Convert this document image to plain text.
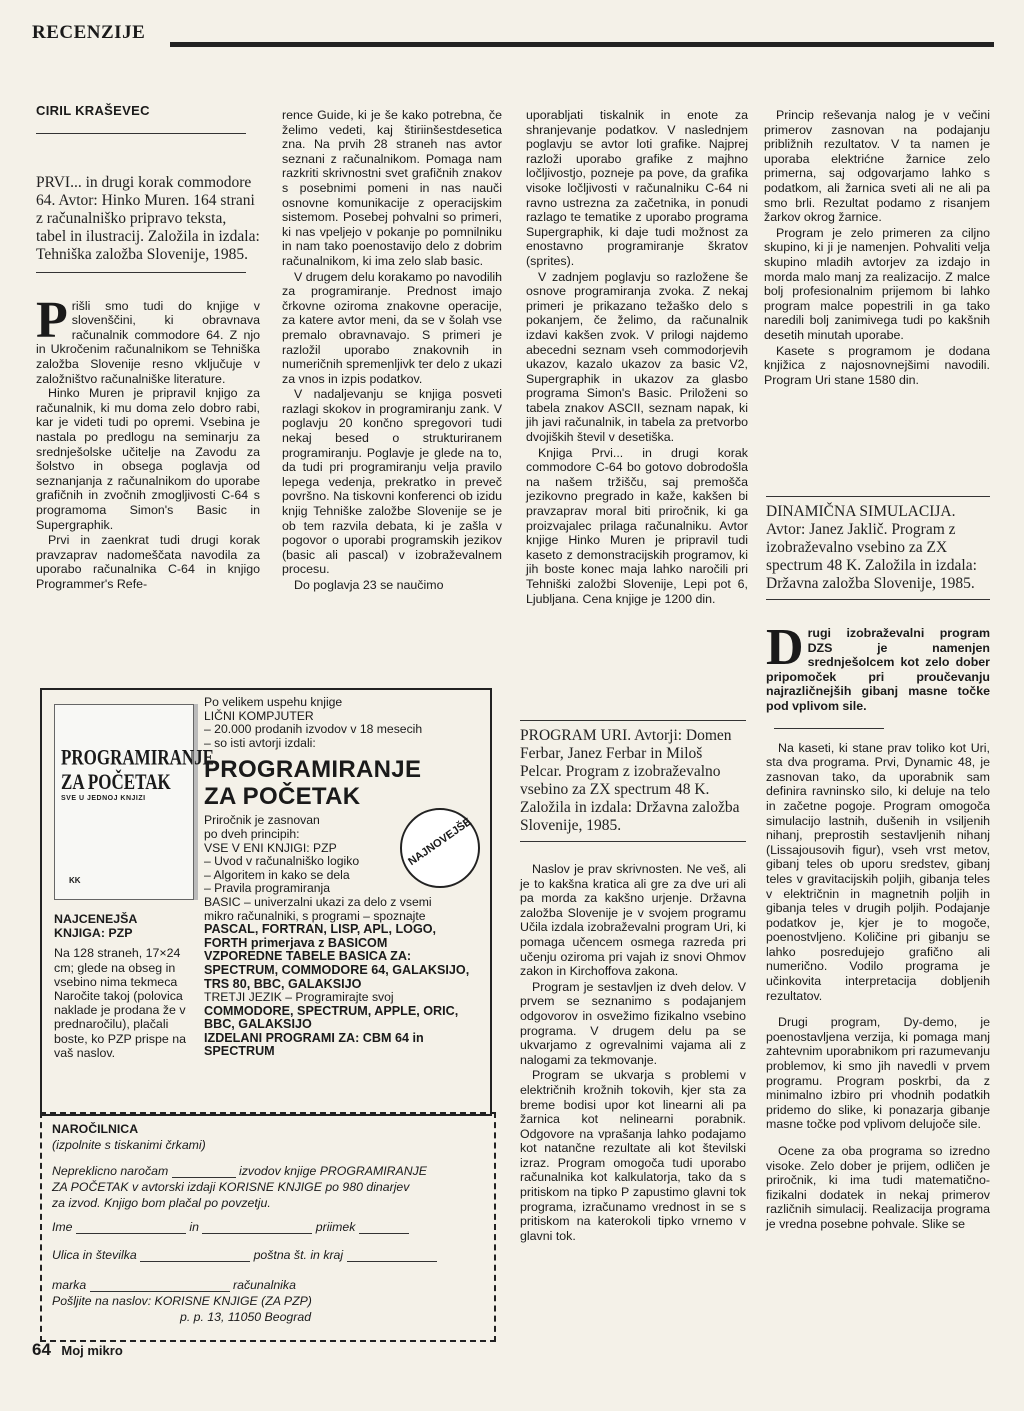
RECENZIJE
CIRIL KRAŠEVEC
PRVI... in drugi korak commodore 64. Avtor: Hinko Muren. 164 strani z računalniško pripravo teksta, tabel in ilustracij. Založila in izdala: Tehniška založba Slovenije, 1985.
P rišli smo tudi do knjige v slovenščini, ki obravnava računalnik commodore 64. Z njo in Ukročenim računalnikom se Tehniška založba Slovenije resno vključuje v založništvo računalniške literature.

Hinko Muren je pripravil knjigo za računalnik, ki mu doma zelo dobro rabi, kar je videti tudi po opremi. Vsebina je nastala po predlogu na seminarju za srednješolske učitelje na Zavodu za šolstvo in obsega poglavja od seznanjanja z računalnikom do uporabe grafičnih in zvočnih zmogljivosti C-64 s programoma Simon's Basic in Supergraphik.

Prvi in zaenkrat tudi drugi korak pravzaprav nadomeščata navodila za uporabo računalnika C-64 in knjigo Programmer's Refe-

rence Guide, ki je še kako potrebna, če želimo vedeti, kaj štiriinšestdesetica zna. Na prvih 28 straneh nas avtor seznani z računalnikom. Pomaga nam razkriti skrivnostni svet grafičnih znakov s posebnimi pomeni in nas nauči osnovne komunikacije z operacijskim sistemom. Posebej pohvalni so primeri, ki nas vpeljejo v pokanje po pomnilniku in nam tako poenostavijo delo z dobrim računalnikom, ki ima zelo slab basic.

V drugem delu korakamo po navodilih za programiranje. Prednost imajo črkovne oziroma znakovne operacije, za katere avtor meni, da se v šolah vse premalo obravnavajo. S primeri je razložil uporabo znakovnih in numeričnih spremenljivk ter delo z ukazi za vnos in izpis podatkov.

V nadaljevanju se knjiga posveti razlagi skokov in programiranju zank. V poglavju 20 končno spregovori tudi nekaj besed o strukturiranem programiranju. Poglavje je glede na to, da tudi pri programiranju velja pravilo lepega vedenja, prekratko in preveč površno. Na tiskovni konferenci ob izidu knjig Tehniške založbe Slovenije se je ob tem razvila debata, ki je zašla v pogovor o uporabi programskih jezikov (basic ali pascal) v izobraževalnem procesu.

Do poglavja 23 se naučimo

uporabljati tiskalnik in enote za shranjevanje podatkov. V naslednjem poglavju se avtor loti grafike. Najprej razloži uporabo grafike z majhno ločljivostjo, pozneje pa pove, da grafika visoke ločljivosti v računalniku C-64 ni ravno ustrezna za začetnika, in ponudi razlago te tematike z uporabo programa Supergraphik, ki daje tudi možnost za enostavno programiranje škratov (sprites).

V zadnjem poglavju so razložene še osnove programiranja zvoka. Z nekaj primeri je prikazano težaško delo s pokanjem, če želimo, da računalnik izdavi kakšen zvok. V prilogi najdemo abecedni seznam vseh commodorjevih ukazov, kazalo ukazov za basic V2, Supergraphik in ukazov za glasbo programa Simon's Basic. Priloženi so tabela znakov ASCII, seznam napak, ki jih javi računalnik, in tabela za pretvorbo dvojiških števil v desetiška.

Knjiga Prvi... in drugi korak commodore C-64 bo gotovo dobrodošla na našem tržišču, saj premošča jezikovno pregrado in kaže, kakšen bi pravzaprav moral biti priročnik, ki ga proizvajalec prilaga računalniku. Avtor knjige Hinko Muren je pripravil tudi kaseto z demonstracijskih programov, ki jih boste konec maja lahko naročili pri Tehniški založbi Slovenije, Lepi pot 6, Ljubljana. Cena knjige je 1200 din.

PROGRAM URI. Avtorji: Domen Ferbar, Janez Ferbar in Miloš Pelcar. Program z izobraževalno vsebino za ZX spectrum 48 K. Založila in izdala: Državna založba Slovenije, 1985.

Naslov je prav skrivnosten. Ne veš, ali je to kakšna kratica ali gre za dve uri ali pa morda za kakšno urjenje. Državna založba Slovenije je v svojem programu Učila izdala izobraževalni program Uri, ki pomaga učencem osmega razreda pri učenju oziroma pri vajah iz snovi Ohmov zakon in Kirchoffova zakona.

Program je sestavljen iz dveh delov. V prvem se seznanimo s podajanjem odgovorov in osvežimo fizikalno vsebino programa. V drugem delu pa se ukvarjamo z ogrevalnimi vajama ali z nalogami za tekmovanje.

Program se ukvarja s problemi v električnih krožnih tokovih, kjer sta za breme bodisi upor kot linearni ali pa žarnica kot nelinearni porabnik. Odgovore na vprašanja lahko podajamo kot natančne rezultate ali kot številski izraz. Program omogoča tudi uporabo računalnika kot kalkulatorja, tako da s pritiskom na tipko P zapustimo glavni tok programa, izračunamo vrednost in se s pritiskom na katerokoli tipko vrnemo v glavni tok.

Princip reševanja nalog je v večini primerov zasnovan na podajanju približnih rezultatov. V ta namen je uporaba elektrićne žarnice zelo primerna, saj odgovarjamo lahko s podatkom, ali žarnica sveti ali ne ali pa smo brli. Rezultat podamo z risanjem žarkov okrog žarnice.

Program je zelo primeren za ciljno skupino, ki ji je namenjen. Pohvaliti velja skupino mladih avtorjev za izdajo in morda malo manj za realizacijo. Z malce bolj profesionalnim prijemom bi lahko program malce popestrili in ga tako naredili bolj zanimivega tudi po kakšnih desetih minutah uporabe.

Kasete s programom je dodana knjižica z najosnovnejšimi navodili. Program Uri stane 1580 din.

DINAMIČNA SIMULACIJA. Avtor: Janez Jaklič. Program z izobraževalno vsebino za ZX spectrum 48 K. Založila in izdala: Državna založba Slovenije, 1985.
D rugi izobraževalni program DZS je namenjen srednješolcem kot zelo dober pripomoček pri proučevanju najrazličnejših gibanj masne točke pod vplivom sile.

Na kaseti, ki stane prav toliko kot Uri, sta dva programa. Prvi, Dynamic 48, je zasnovan tako, da uporabnik sam definira ravninsko silo, ki deluje na telo in začetne pogoje. Program omogoča simulacijo lastnih, dušenih in vsiljenih nihanj, preprostih sestavljenih nihanj (Lissajousovih figur), vseh vrst metov, gibanj teles ob uporu sredstev, gibanj teles v gravitacijskih poljih, gibanja teles v električnin in magnetnih poljih in gibanja teles v drugih poljih. Podajanje podatkov je, kjer je to mogoče, poenostvljeno. Količine pri gibanju se lahko posredujejo grafično ali numerično. Vodilo programa je učinkovita interpretacija dobljenih rezultatov.

Drugi program, Dy-demo, je poenostavljena verzija, ki pomaga manj zahtevnim uporabnikom pri razumevanju problemov, ki smo jih navedli v prvem programu. Program poskrbi, da z minimalno izbiro pri vhodnih podatkih pridemo do slike, ki ponazarja gibanje masne točke pod vplivom delujoče sile.

Ocene za oba programa so izredno visoke. Zelo dober je prijem, odličen je priročnik, ki ima tudi matematično-fizikalni dodatek in nekaj primerov različnih simulacij. Realizacija programa je vredna posebne pohvale. Slike se

PROGRAMIRANJE ZA POČETAK
SVE U JEDNOJ KNJIZI
KK
Po velikem uspehu knjige
LIČNI KOMPJUTER
– 20.000 prodanih izvodov v 18 mesecih
– so isti avtorji izdali:
PROGRAMIRANJE ZA POČETAK
Priročnik je zasnovan
po dveh principih:
VSE V ENI KNJIGI: PZP
– Uvod v računalniško logiko
– Algoritem in kako se dela
– Pravila programiranja
BASIC – univerzalni ukazi za delo z vsemi
mikro računalniki, s programi – spoznajte
PASCAL, FORTRAN, LISP, APL, LOGO,
FORTH primerjava z BASICOM
VZPOREDNE TABELE BASICA ZA:
SPECTRUM, COMMODORE 64, GALAKSIJO,
TRS 80, BBC, GALAKSIJO
TRETJI JEZIK – Programirajte svoj
COMMODORE, SPECTRUM, APPLE, ORIC,
BBC, GALAKSIJO
IZDELANI PROGRAMI ZA: CBM 64 in
SPECTRUM
NAJNOVEJŠE
NAJCENEJŠA
KNJIGA: PZP
Na 128 straneh, 17×24 cm; glede na obseg in vsebino nima tekmeca Naročite takoj (polovica naklade je prodana že v prednaročilu), plačali boste, ko PZP prispe na vaš naslov.
NAROČILNICA
(izpolnite s tiskanimi črkami)
Nepreklicno naročam	izvodov knjige PROGRAMIRANJE
ZA POČETAK v avtorski izdaji KORISNE KNJIGE po 980 dinarjev
za izvod. Knjigo bom plačal po povzetju.
Ime	in	priimek
Ulica in številka	poštna št. in kraj
marka	računalnika
Pošljite na naslov: KORISNE KNJIGE (ZA PZP)
p. p. 13, 11050 Beograd
64 Moj mikro
